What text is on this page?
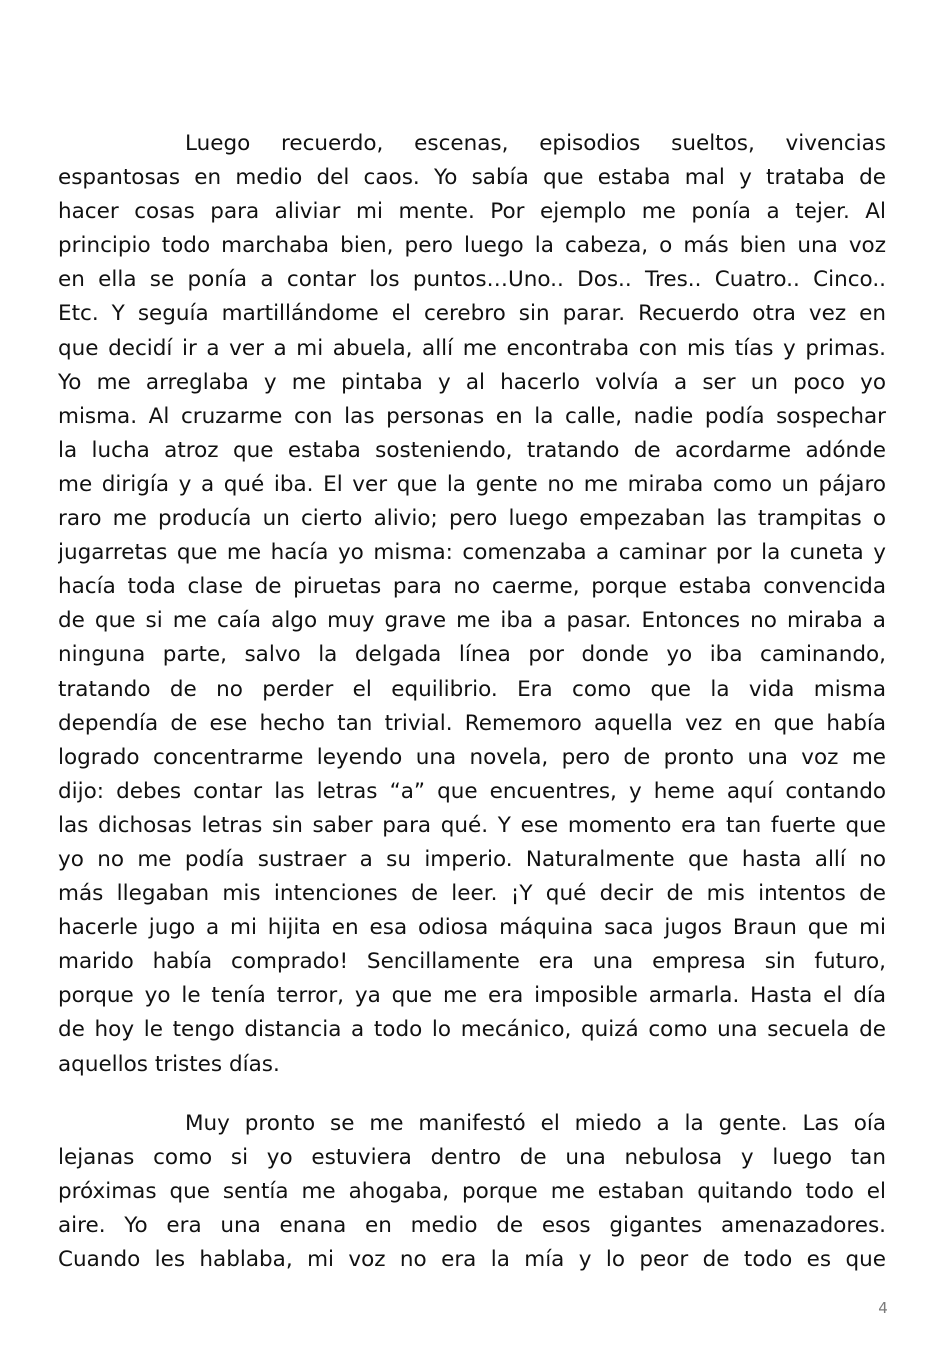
Luego recuerdo, escenas, episodios sueltos, vivencias
espantosas en medio del caos. Yo sabía que estaba mal y trataba de
hacer cosas para aliviar mi mente. Por ejemplo me ponía a tejer. Al
principio todo marchaba bien, pero luego la cabeza, o más bien una voz
en ella se ponía a contar los puntos…Uno.. Dos.. Tres.. Cuatro.. Cinco..
Etc. Y seguía martillándome el cerebro sin parar. Recuerdo otra vez en
que decidí ir a ver a mi abuela, allí me encontraba con mis tías y primas.
Yo me arreglaba y me pintaba y al hacerlo volvía a ser un poco yo
misma. Al cruzarme con las personas en la calle, nadie podía sospechar
la lucha atroz que estaba sosteniendo, tratando de acordarme adónde
me dirigía y a qué iba. El ver que la gente no me miraba como un pájaro
raro me producía un cierto alivio; pero luego empezaban las trampitas o
jugarretas que me hacía yo misma: comenzaba a caminar por la cuneta y
hacía toda clase de piruetas para no caerme, porque estaba convencida
de que si me caía algo muy grave me iba a pasar. Entonces no miraba a
ninguna parte, salvo la delgada línea por donde yo iba caminando,
tratando de no perder el equilibrio. Era como que la vida misma
dependía de ese hecho tan trivial. Rememoro aquella vez en que había
logrado concentrarme leyendo una novela, pero de pronto una voz me
dijo: debes contar las letras “a” que encuentres, y heme aquí contando
las dichosas letras sin saber para qué. Y ese momento era tan fuerte que
yo no me podía sustraer a su imperio. Naturalmente que hasta allí no
más llegaban mis intenciones de leer. ¡Y qué decir de mis intentos de
hacerle jugo a mi hijita en esa odiosa máquina saca jugos Braun que mi
marido había comprado! Sencillamente era una empresa sin futuro,
porque yo le tenía terror, ya que me era imposible armarla. Hasta el día
de hoy le tengo distancia a todo lo mecánico, quizá como una secuela de
aquellos tristes días.
Muy pronto se me manifestó el miedo a la gente. Las oía
lejanas como si yo estuviera dentro de una nebulosa y luego tan
próximas que sentía me ahogaba, porque me estaban quitando todo el
aire. Yo era una enana en medio de esos gigantes amenazadores.
Cuando les hablaba, mi voz no era la mía y lo peor de todo es que
4
